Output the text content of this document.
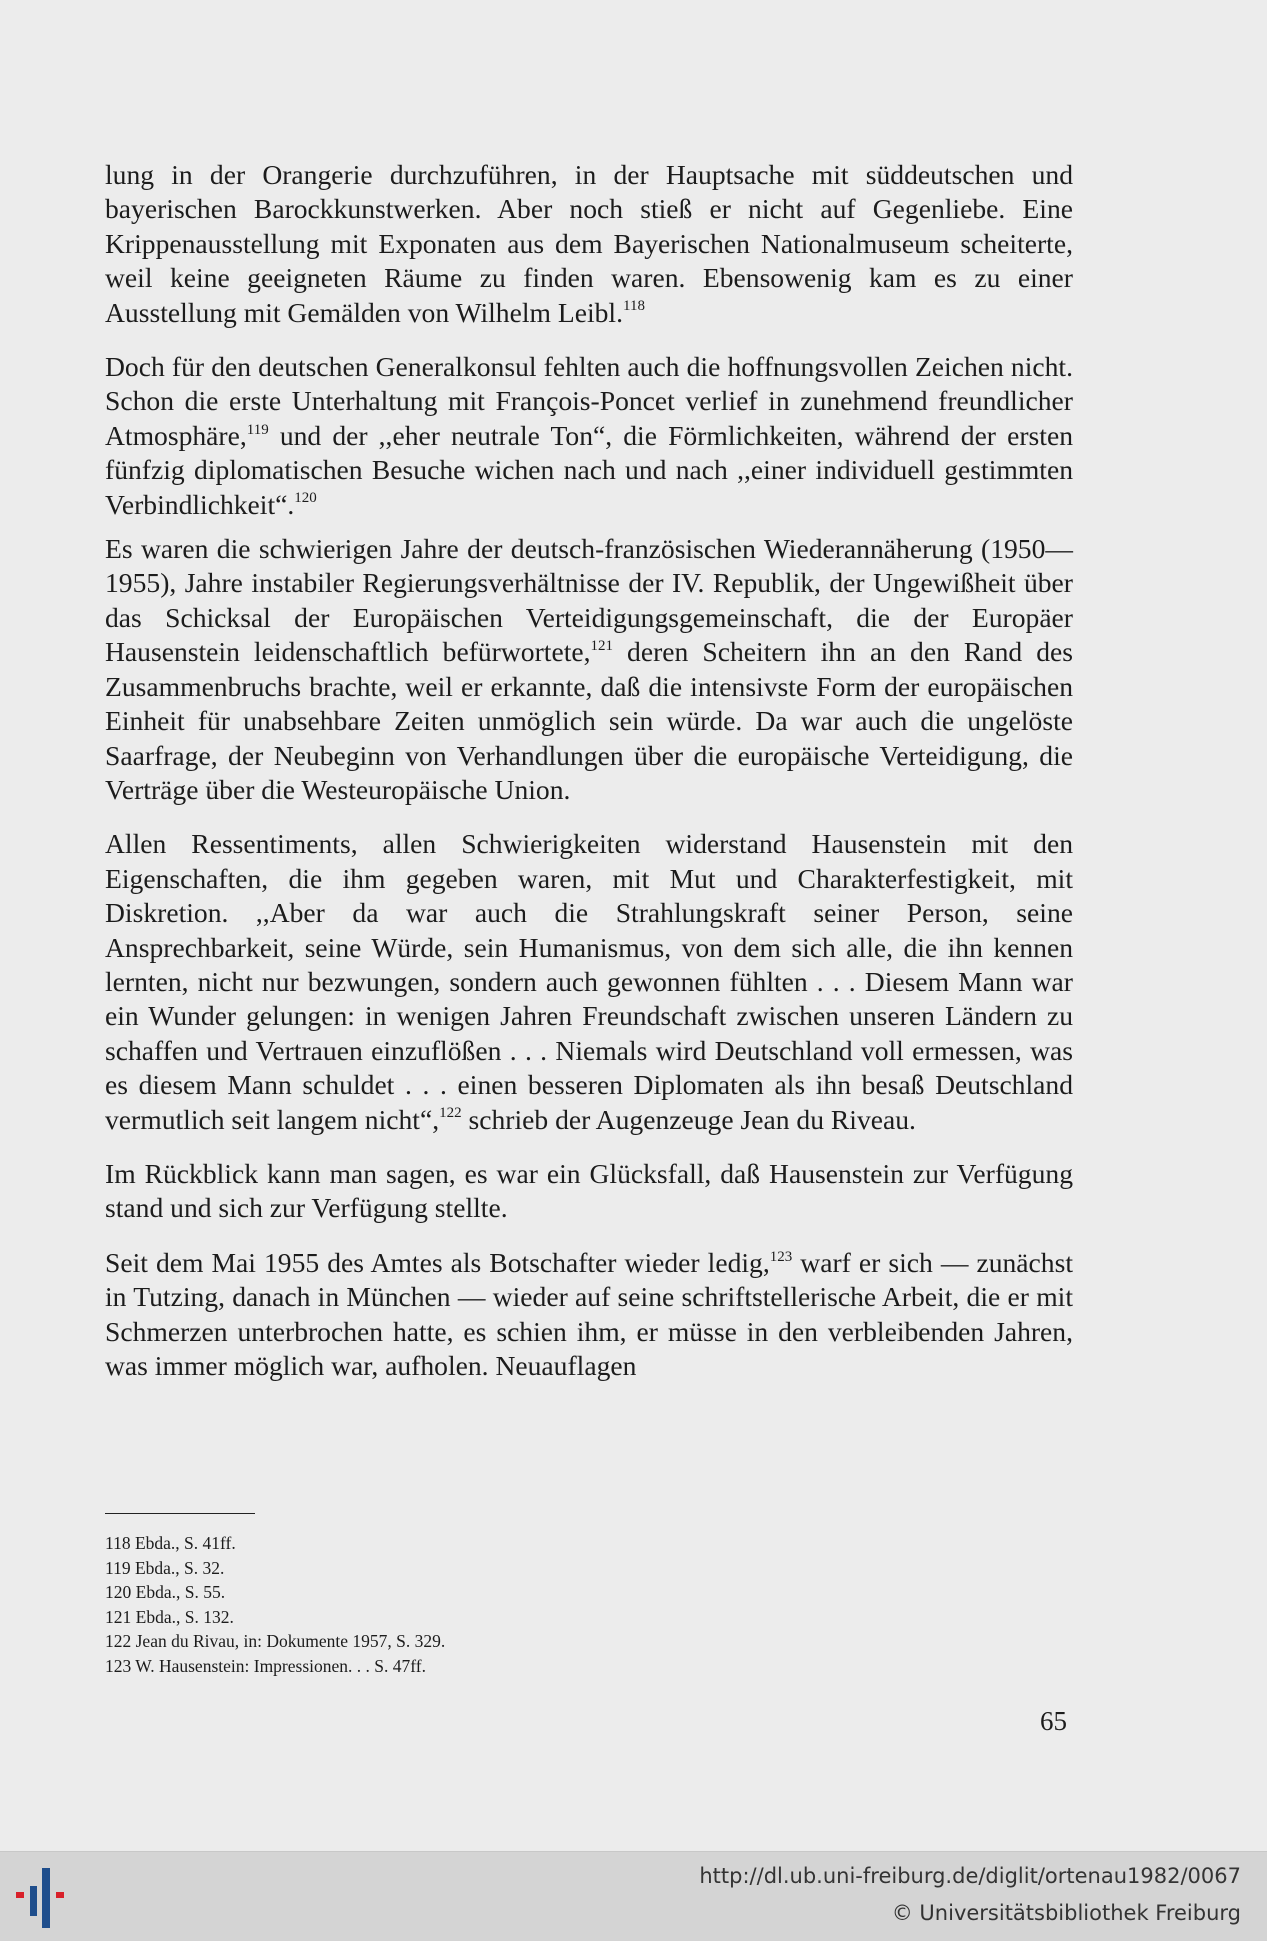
lung in der Orangerie durchzuführen, in der Hauptsache mit süddeutschen und bayerischen Barockkunstwerken. Aber noch stieß er nicht auf Gegenliebe. Eine Krippenausstellung mit Exponaten aus dem Bayerischen Nationalmuseum scheiterte, weil keine geeigneten Räume zu finden waren. Ebensowenig kam es zu einer Ausstellung mit Gemälden von Wilhelm Leibl.$^{118}$

Doch für den deutschen Generalkonsul fehlten auch die hoffnungsvollen Zeichen nicht. Schon die erste Unterhaltung mit François-Poncet verlief in zunehmend freundlicher Atmosphäre,$^{119}$ und der ,,eher neutrale Ton“, die Förmlichkeiten, während der ersten fünfzig diplomatischen Besuche wichen nach und nach ,,einer individuell gestimmten Verbindlichkeit“.$^{120}$

Es waren die schwierigen Jahre der deutsch-französischen Wiederannäherung (1950—1955), Jahre instabiler Regierungsverhältnisse der IV. Republik, der Ungewißheit über das Schicksal der Europäischen Verteidigungsgemeinschaft, die der Europäer Hausenstein leidenschaftlich befürwortete,$^{121}$ deren Scheitern ihn an den Rand des Zusammenbruchs brachte, weil er erkannte, daß die intensivste Form der europäischen Einheit für unabsehbare Zeiten unmöglich sein würde. Da war auch die ungelöste Saarfrage, der Neubeginn von Verhandlungen über die europäische Verteidigung, die Verträge über die Westeuropäische Union.

Allen Ressentiments, allen Schwierigkeiten widerstand Hausenstein mit den Eigenschaften, die ihm gegeben waren, mit Mut und Charakterfestigkeit, mit Diskretion. ,,Aber da war auch die Strahlungskraft seiner Person, seine Ansprechbarkeit, seine Würde, sein Humanismus, von dem sich alle, die ihn kennen lernten, nicht nur bezwungen, sondern auch gewonnen fühlten . . . Diesem Mann war ein Wunder gelungen: in wenigen Jahren Freundschaft zwischen unseren Ländern zu schaffen und Vertrauen einzuflößen . . . Niemals wird Deutschland voll ermessen, was es diesem Mann schuldet . . . einen besseren Diplomaten als ihn besaß Deutschland vermutlich seit langem nicht“,$^{122}$ schrieb der Augenzeuge Jean du Riveau.

Im Rückblick kann man sagen, es war ein Glücksfall, daß Hausenstein zur Verfügung stand und sich zur Verfügung stellte.

Seit dem Mai 1955 des Amtes als Botschafter wieder ledig,$^{123}$ warf er sich — zunächst in Tutzing, danach in München — wieder auf seine schriftstellerische Arbeit, die er mit Schmerzen unterbrochen hatte, es schien ihm, er müsse in den verbleibenden Jahren, was immer möglich war, aufholen. Neuauflagen

118 Ebda., S. 41ff.
119 Ebda., S. 32.
120 Ebda., S. 55.
121 Ebda., S. 132.
122 Jean du Rivau, in: Dokumente 1957, S. 329.
123 W. Hausenstein: Impressionen. . . S. 47ff.
65
http://dl.ub.uni-freiburg.de/diglit/ortenau1982/0067
© Universitätsbibliothek Freiburg
